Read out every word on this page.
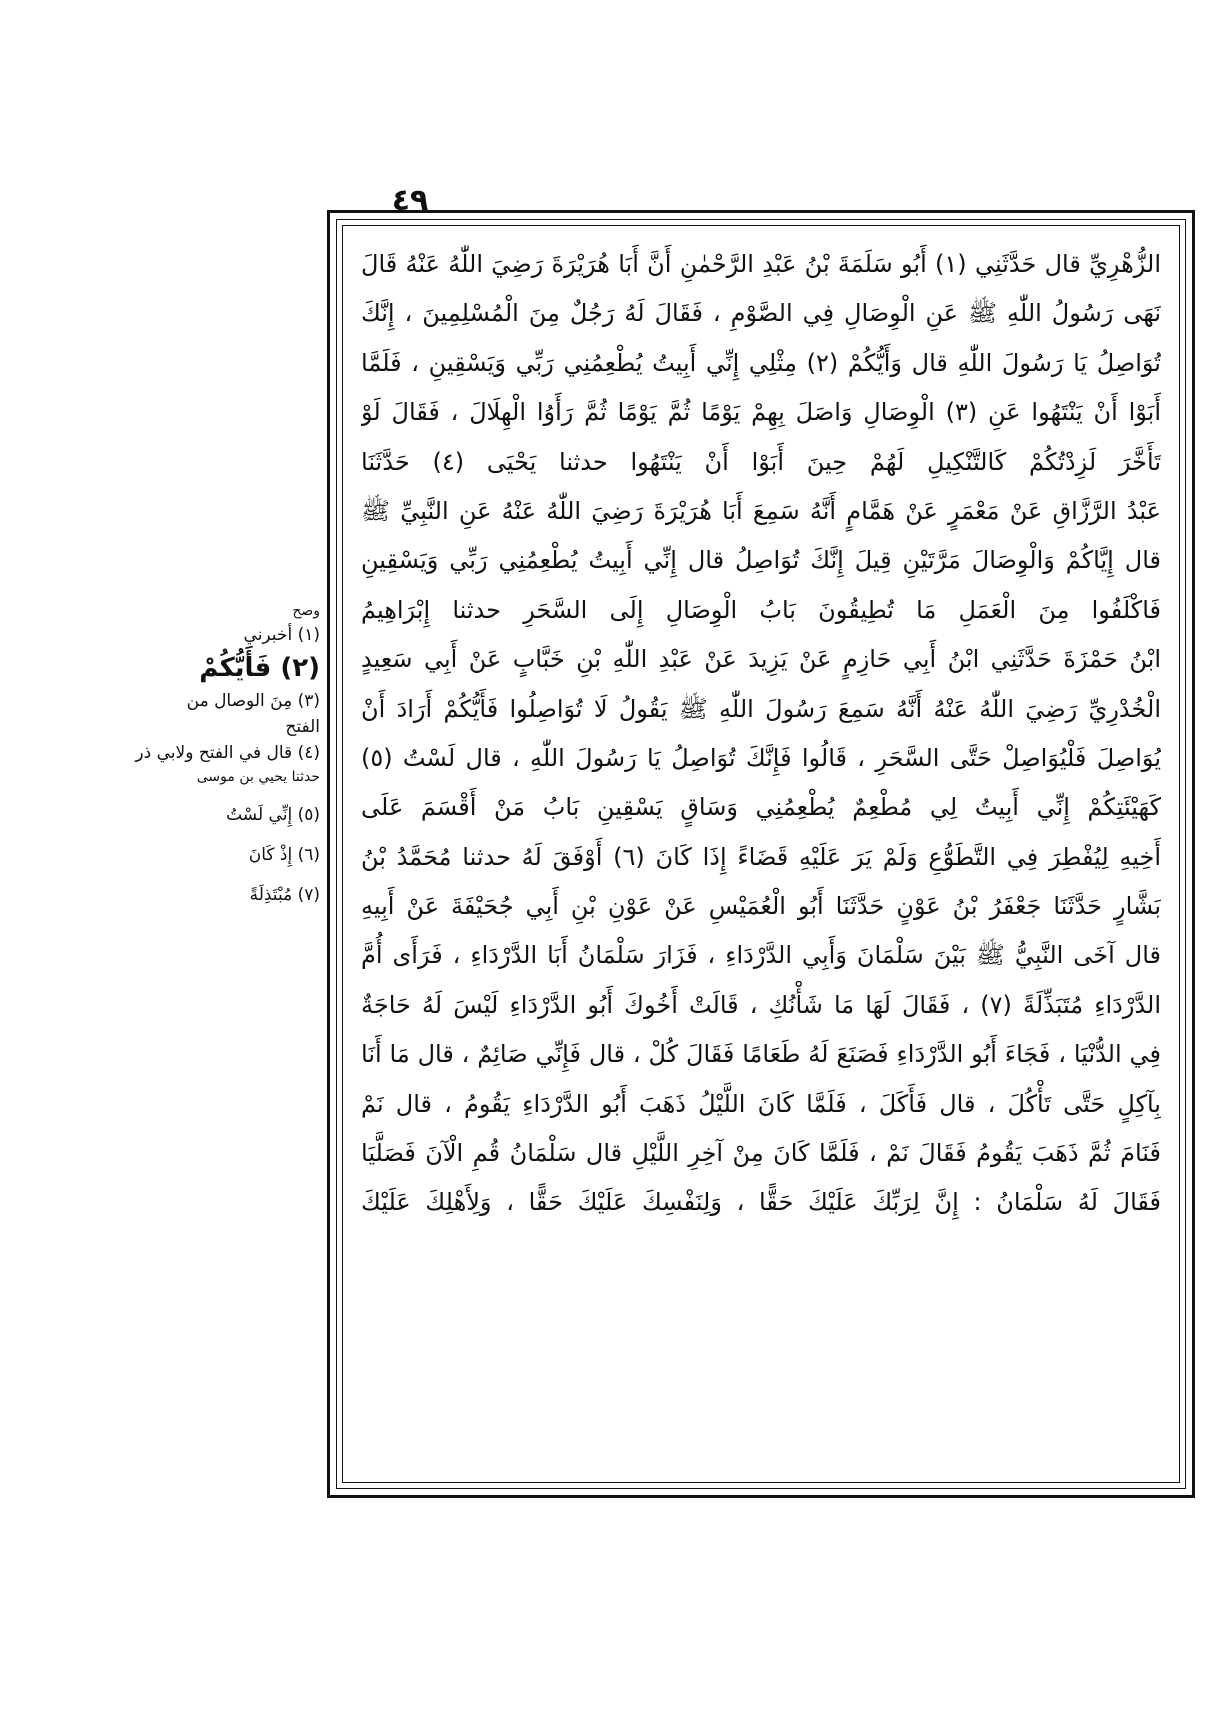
٤٩
الزُّهْرِيِّ قال حَدَّثَنِي (١) أَبُو سَلَمَةَ بْنُ عَبْدِ الرَّحْمٰنِ أَنَّ أَبَا هُرَيْرَةَ رَضِيَ اللّٰهُ عَنْهُ قَالَ
نَهَى رَسُولُ اللّٰهِ ﷺ عَنِ الْوِصَالِ فِي الصَّوْمِ ، فَقَالَ لَهُ رَجُلٌ مِنَ الْمُسْلِمِينَ ، إِنَّكَ
تُوَاصِلُ يَا رَسُولَ اللّٰهِ قال وَأَيُّكُمْ (٢) مِثْلِي إِنِّي أَبِيتُ يُطْعِمُنِي رَبِّي وَيَسْقِينِ ، فَلَمَّا
أَبَوْا أَنْ يَنْتَهُوا عَنِ (٣) الْوِصَالِ وَاصَلَ بِهِمْ يَوْمًا ثُمَّ يَوْمًا ثُمَّ رَأَوُا الْهِلَالَ ، فَقَالَ لَوْ
تَأَخَّرَ لَزِدْتُكُمْ كَالتَّنْكِيلِ لَهُمْ حِينَ أَبَوْا أَنْ يَنْتَهُوا حدثنا يَحْيَى (٤) حَدَّثَنَا
عَبْدُ الرَّزَّاقِ عَنْ مَعْمَرٍ عَنْ هَمَّامٍ أَنَّهُ سَمِعَ أَبَا هُرَيْرَةَ رَضِيَ اللّٰهُ عَنْهُ عَنِ النَّبِيِّ ﷺ
قال إِيَّاكُمْ وَالْوِصَالَ مَرَّتَيْنِ قِيلَ إِنَّكَ تُوَاصِلُ قال إِنِّي أَبِيتُ يُطْعِمُنِي رَبِّي وَيَسْقِينِ
فَاكْلَفُوا مِنَ الْعَمَلِ مَا تُطِيقُونَ بَابُ الْوِصَالِ إِلَى السَّحَرِ حدثنا إِبْرَاهِيمُ
ابْنُ حَمْزَةَ حَدَّثَنِي ابْنُ أَبِي حَازِمٍ عَنْ يَزِيدَ عَنْ عَبْدِ اللّٰهِ بْنِ خَبَّابٍ عَنْ أَبِي سَعِيدٍ
الْخُدْرِيِّ رَضِيَ اللّٰهُ عَنْهُ أَنَّهُ سَمِعَ رَسُولَ اللّٰهِ ﷺ يَقُولُ لَا تُوَاصِلُوا فَأَيُّكُمْ أَرَادَ أَنْ
يُوَاصِلَ فَلْيُوَاصِلْ حَتَّى السَّحَرِ ، قَالُوا فَإِنَّكَ تُوَاصِلُ يَا رَسُولَ اللّٰهِ ، قال لَسْتُ (٥)
كَهَيْئَتِكُمْ إِنِّي أَبِيتُ لِي مُطْعِمٌ يُطْعِمُنِي وَسَاقٍ يَسْقِينِ بَابُ مَنْ أَقْسَمَ عَلَى
أَخِيهِ لِيُفْطِرَ فِي التَّطَوُّعِ وَلَمْ يَرَ عَلَيْهِ قَضَاءً إِذَا كَانَ (٦) أَوْفَقَ لَهُ حدثنا مُحَمَّدُ بْنُ
بَشَّارٍ حَدَّثَنَا جَعْفَرُ بْنُ عَوْنٍ حَدَّثَنَا أَبُو الْعُمَيْسِ عَنْ عَوْنِ بْنِ أَبِي جُحَيْفَةَ عَنْ أَبِيهِ
قال آخَى النَّبِيُّ ﷺ بَيْنَ سَلْمَانَ وَأَبِي الدَّرْدَاءِ ، فَزَارَ سَلْمَانُ أَبَا الدَّرْدَاءِ ، فَرَأَى أُمَّ
الدَّرْدَاءِ مُتَبَذِّلَةً (٧) ، فَقَالَ لَهَا مَا شَأْنُكِ ، قَالَتْ أَخُوكَ أَبُو الدَّرْدَاءِ لَيْسَ لَهُ حَاجَةٌ
فِي الدُّنْيَا ، فَجَاءَ أَبُو الدَّرْدَاءِ فَصَنَعَ لَهُ طَعَامًا فَقَالَ كُلْ ، قال فَإِنِّي صَائِمٌ ، قال مَا أَنَا
بِآكِلٍ حَتَّى تَأْكُلَ ، قال فَأَكَلَ ، فَلَمَّا كَانَ اللَّيْلُ ذَهَبَ أَبُو الدَّرْدَاءِ يَقُومُ ، قال نَمْ
فَنَامَ ثُمَّ ذَهَبَ يَقُومُ فَقَالَ نَمْ ، فَلَمَّا كَانَ مِنْ آخِرِ اللَّيْلِ قال سَلْمَانُ قُمِ الْآنَ فَصَلَّيَا
فَقَالَ لَهُ سَلْمَانُ : إِنَّ لِرَبِّكَ عَلَيْكَ حَقًّا ، وَلِنَفْسِكَ عَلَيْكَ حَقًّا ، وَلِأَهْلِكَ عَلَيْكَ
وصح
(١) أخبرني
(٢) فَأَيُّكُمْ
(٣) مِنَ الوصال من
الفتح
(٤) قال في الفتح ولابي ذر
حدثنا يحيي بن موسى
(٥) إِنِّي لَسْتُ
(٦) إِذْ كَانَ
(٧) مُبْتَذِلَةً
